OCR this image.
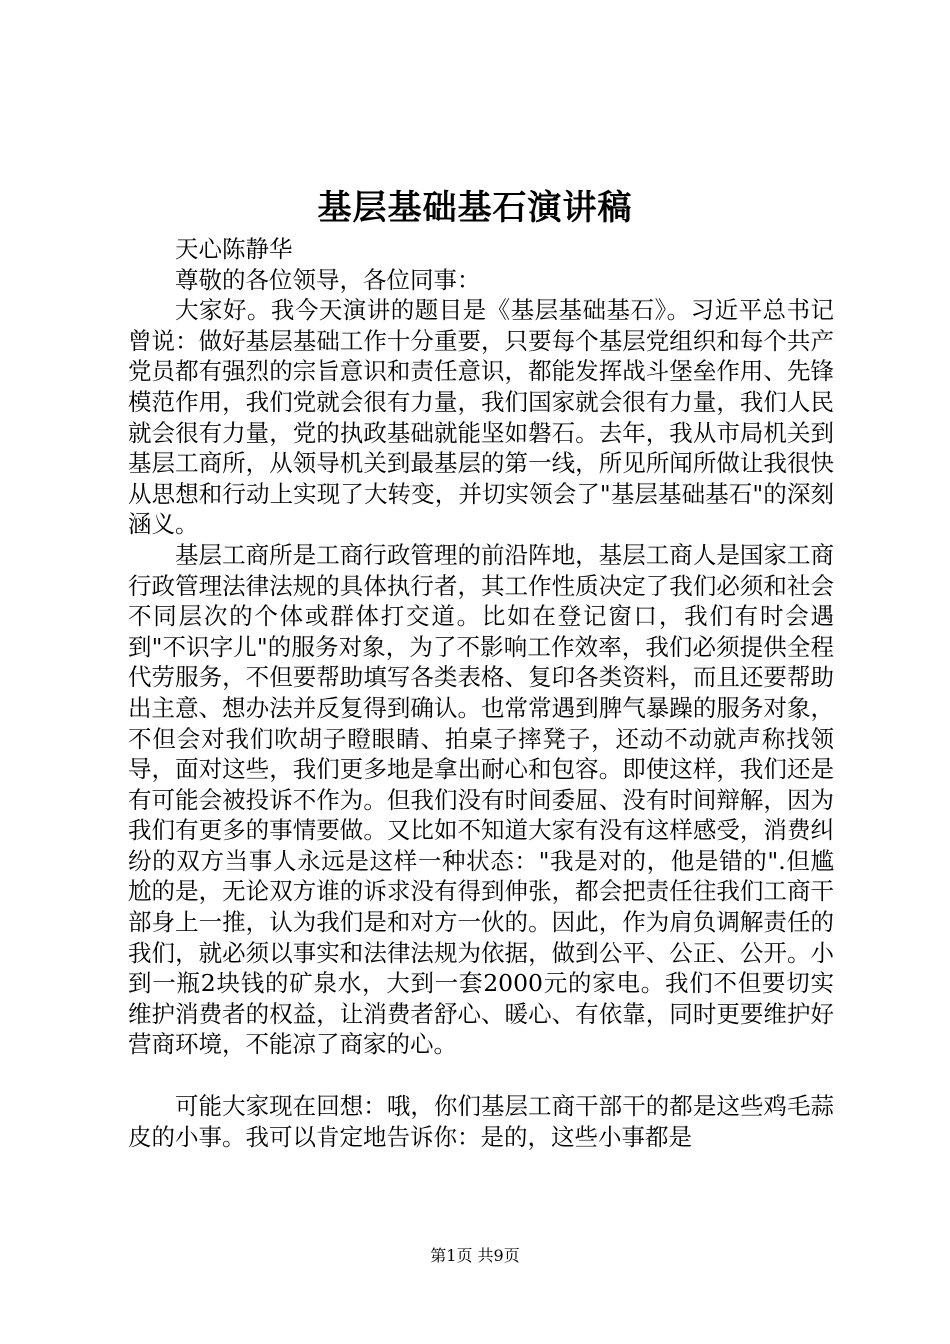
基层基础基石演讲稿

天心陈静华

尊敬的各位领导，各位同事：

大家好。我今天演讲的题目是《基层基础基石》。习近平总书记曾说：做好基层基础工作十分重要，只要每个基层党组织和每个共产党员都有强烈的宗旨意识和责任意识，都能发挥战斗堡垒作用、先锋模范作用，我们党就会很有力量，我们国家就会很有力量，我们人民就会很有力量，党的执政基础就能坚如磐石。去年，我从市局机关到基层工商所，从领导机关到最基层的第一线，所见所闻所做让我很快从思想和行动上实现了大转变，并切实领会了"基层基础基石"的深刻涵义。

基层工商所是工商行政管理的前沿阵地，基层工商人是国家工商行政管理法律法规的具体执行者，其工作性质决定了我们必须和社会不同层次的个体或群体打交道。比如在登记窗口，我们有时会遇到"不识字儿"的服务对象，为了不影响工作效率，我们必须提供全程代劳服务，不但要帮助填写各类表格、复印各类资料，而且还要帮助出主意、想办法并反复得到确认。也常常遇到脾气暴躁的服务对象，不但会对我们吹胡子瞪眼睛、拍桌子摔凳子，还动不动就声称找领导，面对这些，我们更多地是拿出耐心和包容。即使这样，我们还是有可能会被投诉不作为。但我们没有时间委屈、没有时间辩解，因为我们有更多的事情要做。又比如不知道大家有没有这样感受，消费纠纷的双方当事人永远是这样一种状态："我是对的，他是错的".但尴尬的是，无论双方谁的诉求没有得到伸张，都会把责任往我们工商干部身上一推，认为我们是和对方一伙的。因此，作为肩负调解责任的我们，就必须以事实和法律法规为依据，做到公平、公正、公开。小到一瓶2块钱的矿泉水，大到一套2000元的家电。我们不但要切实维护消费者的权益，让消费者舒心、暖心、有依靠，同时更要维护好营商环境，不能凉了商家的心。

可能大家现在回想：哦，你们基层工商干部干的都是这些鸡毛蒜皮的小事。我可以肯定地告诉你：是的，这些小事都是

第1页 共9页
